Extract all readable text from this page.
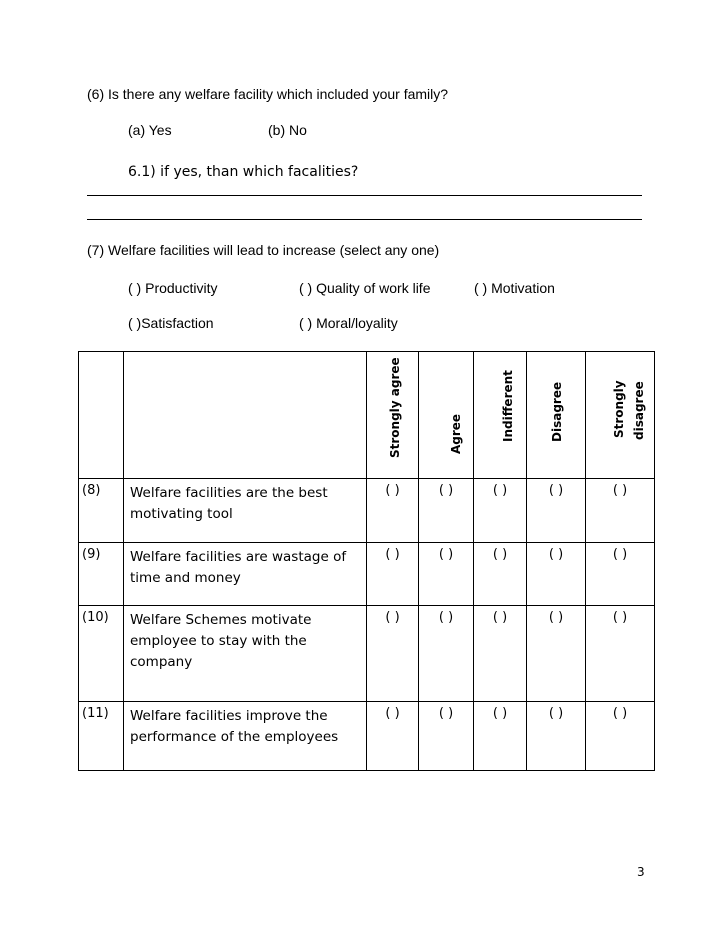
(6) Is there any welfare facility which included your family?
(a) Yes	(b) No
6.1) if yes, than which facalities?
(7) Welfare facilities will lead to increase (select any one)
( ) Productivity	( ) Quality of work life	( ) Motivation
( )Satisfaction	( ) Moral/loyality

		Strongly agree	Agree	Indifferent	Disagree	Strongly disagree

(8)	Welfare facilities are the best motivating tool	( )	( )	( )	( )	( )
(9)	Welfare facilities are wastage of time and money	( )	( )	( )	( )	( )
(10)	Welfare Schemes motivate employee to stay with the company	( )	( )	( )	( )	( )
(11)	Welfare facilities improve the performance of the employees	( )	( )	( )	( )	( )
3
